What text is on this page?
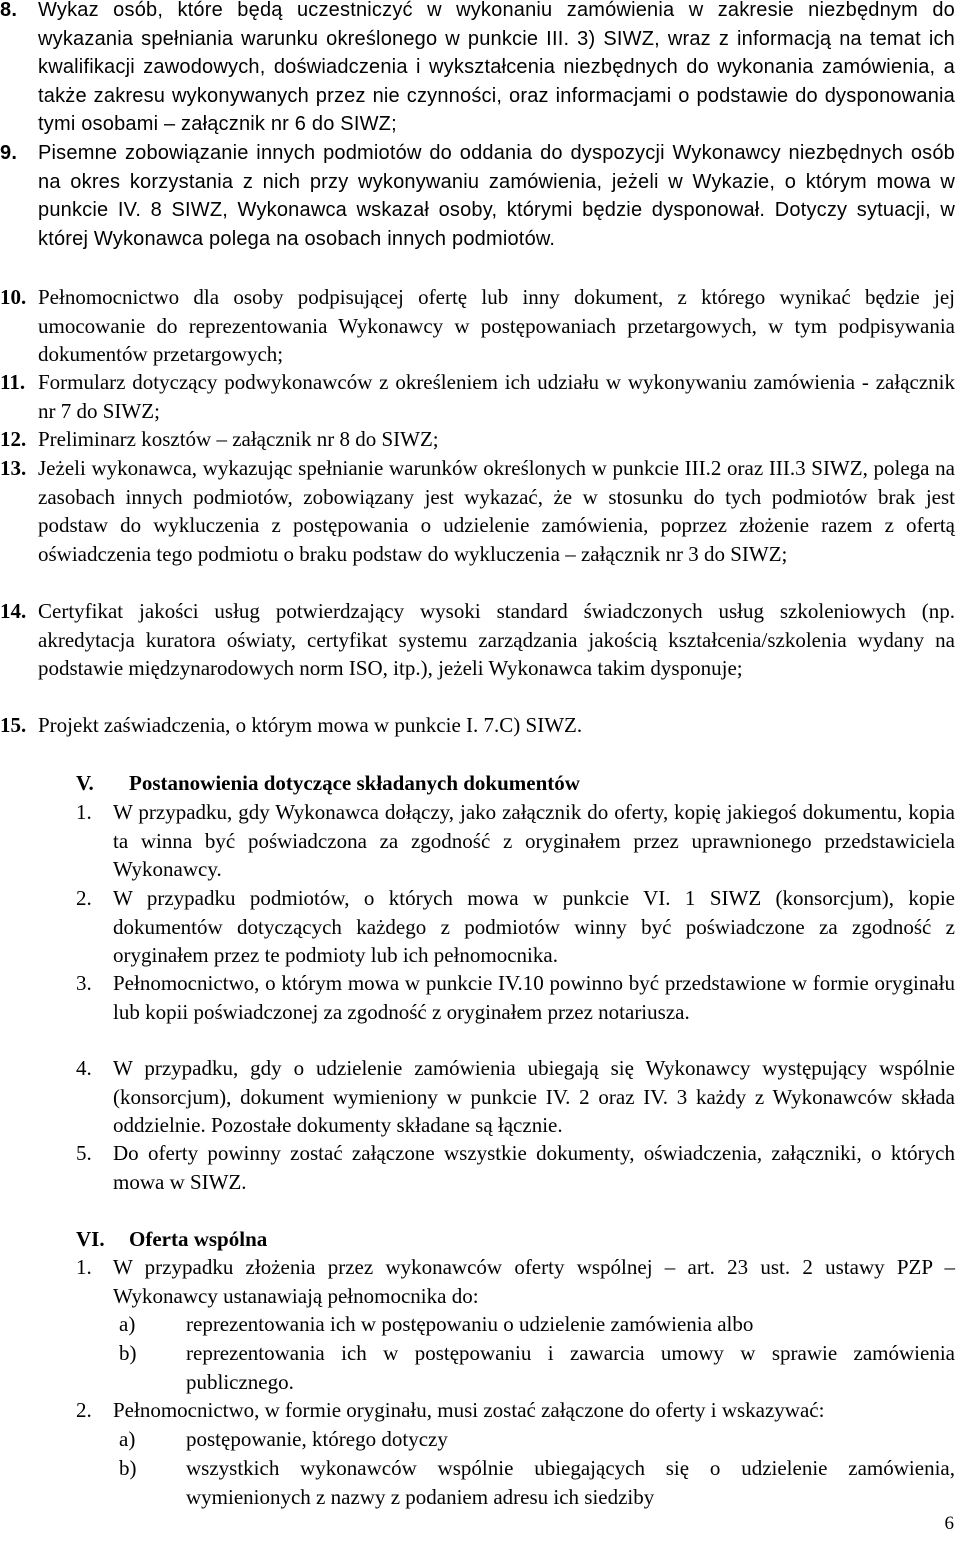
8. Wykaz osób, które będą uczestniczyć w wykonaniu zamówienia w zakresie niezbędnym do wykazania spełniania warunku określonego w punkcie III. 3) SIWZ, wraz z informacją na temat ich kwalifikacji zawodowych, doświadczenia i wykształcenia niezbędnych do wykonania zamówienia, a także zakresu wykonywanych przez nie czynności, oraz informacjami o podstawie do dysponowania tymi osobami – załącznik nr 6 do SIWZ;
9. Pisemne zobowiązanie innych podmiotów do oddania do dyspozycji Wykonawcy niezbędnych osób na okres korzystania z nich przy wykonywaniu zamówienia, jeżeli w Wykazie, o którym mowa w punkcie IV. 8 SIWZ, Wykonawca wskazał osoby, którymi będzie dysponował. Dotyczy sytuacji, w której Wykonawca polega na osobach innych podmiotów.
10. Pełnomocnictwo dla osoby podpisującej ofertę lub inny dokument, z którego wynikać będzie jej umocowanie do reprezentowania Wykonawcy w postępowaniach przetargowych, w tym podpisywania dokumentów przetargowych;
11. Formularz dotyczący podwykonawców z określeniem ich udziału w wykonywaniu zamówienia - załącznik nr 7 do SIWZ;
12. Preliminarz kosztów – załącznik nr 8 do SIWZ;
13. Jeżeli wykonawca, wykazując spełnianie warunków określonych w punkcie III.2 oraz III.3 SIWZ, polega na zasobach innych podmiotów, zobowiązany jest wykazać, że w stosunku do tych podmiotów brak jest podstaw do wykluczenia z postępowania o udzielenie zamówienia, poprzez złożenie razem z ofertą oświadczenia tego podmiotu o braku podstaw do wykluczenia – załącznik nr 3 do SIWZ;
14. Certyfikat jakości usług potwierdzający wysoki standard świadczonych usług szkoleniowych (np. akredytacja kuratora oświaty, certyfikat systemu zarządzania jakością kształcenia/szkolenia wydany na podstawie międzynarodowych norm ISO, itp.), jeżeli Wykonawca takim dysponuje;
15. Projekt zaświadczenia, o którym mowa w punkcie I. 7.C) SIWZ.
V. Postanowienia dotyczące składanych dokumentów
1. W przypadku, gdy Wykonawca dołączy, jako załącznik do oferty, kopię jakiegoś dokumentu, kopia ta winna być poświadczona za zgodność z oryginałem przez uprawnionego przedstawiciela Wykonawcy.
2. W przypadku podmiotów, o których mowa w punkcie VI. 1 SIWZ (konsorcjum), kopie dokumentów dotyczących każdego z podmiotów winny być poświadczone za zgodność z oryginałem przez te podmioty lub ich pełnomocnika.
3. Pełnomocnictwo, o którym mowa w punkcie IV.10 powinno być przedstawione w formie oryginału lub kopii poświadczonej za zgodność z oryginałem przez notariusza.
4. W przypadku, gdy o udzielenie zamówienia ubiegają się Wykonawcy występujący wspólnie (konsorcjum), dokument wymieniony w punkcie IV. 2 oraz IV. 3 każdy z Wykonawców składa oddzielnie. Pozostałe dokumenty składane są łącznie.
5. Do oferty powinny zostać załączone wszystkie dokumenty, oświadczenia, załączniki, o których mowa w SIWZ.
VI. Oferta wspólna
1. W przypadku złożenia przez wykonawców oferty wspólnej – art. 23 ust. 2 ustawy PZP – Wykonawcy ustanawiają pełnomocnika do:
a) reprezentowania ich w postępowaniu o udzielenie zamówienia albo
b) reprezentowania ich w postępowaniu i zawarcia umowy w sprawie zamówienia publicznego.
2. Pełnomocnictwo, w formie oryginału, musi zostać załączone do oferty i wskazywać:
a) postępowanie, którego dotyczy
b) wszystkich wykonawców wspólnie ubiegających się o udzielenie zamówienia, wymienionych z nazwy z podaniem adresu ich siedziby
6
